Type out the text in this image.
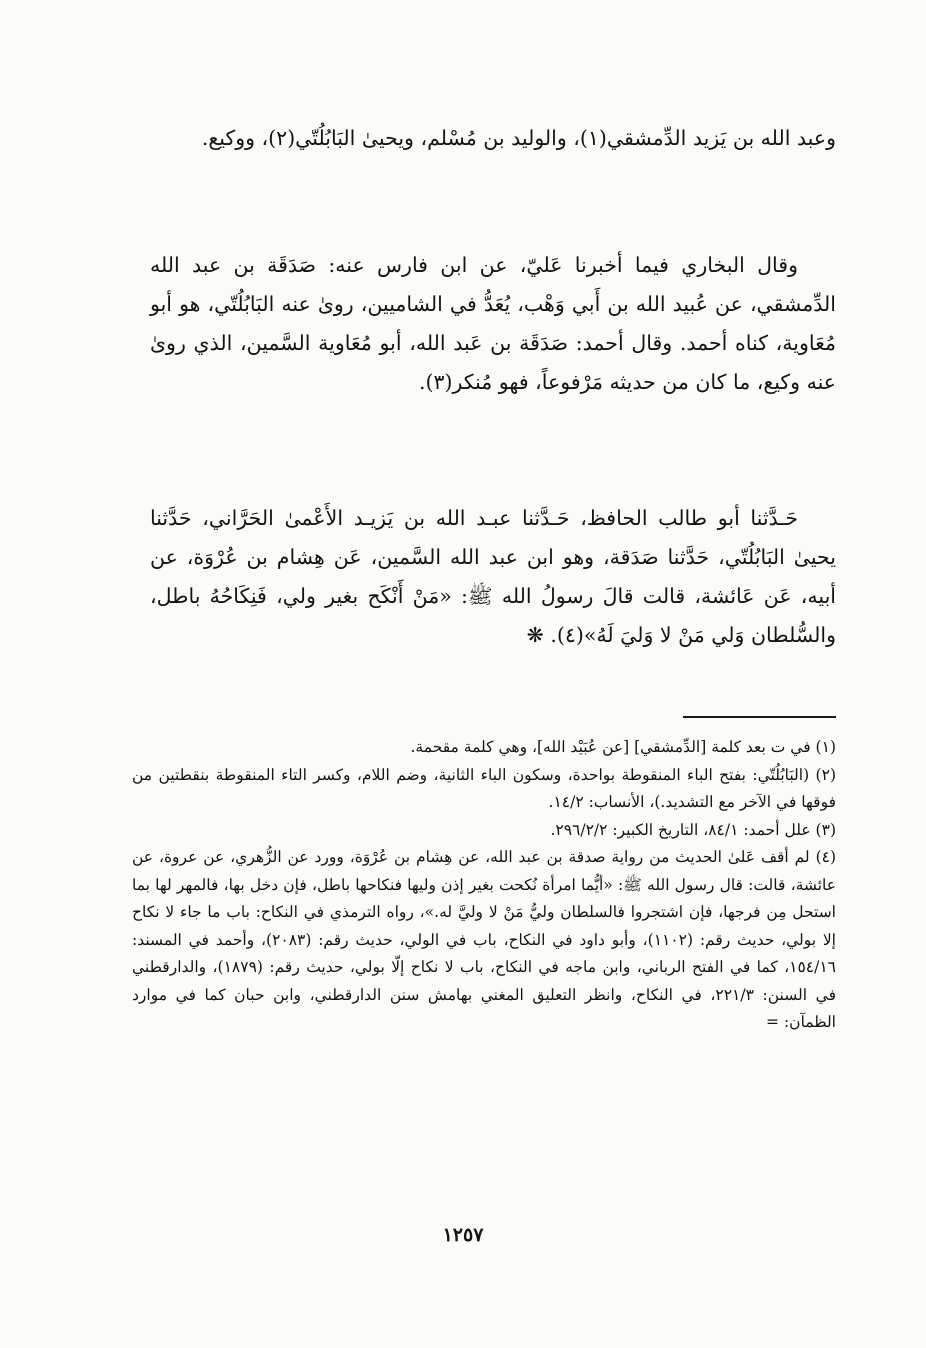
وعبد الله بن يَزيد الدِّمشقي(١)، والوليد بن مُسْلم، ويحيىٰ البَابُلُتّي(٢)، ووكيع.

وقال البخاري فيما أخبرنا عَليّ، عن ابن فارس عنه: صَدَقَة بن عبد الله الدِّمشقي، عن عُبيد الله بن أَبي وَهْب، يُعَدُّ في الشاميين، روىٰ عنه البَابُلُتّي، هو أبو مُعَاوية، كناه أحمد. وقال أحمد: صَدَقَة بن عَبد الله، أبو مُعَاوية السَّمين، الذي روىٰ عنه وكيع، ما كان من حديثه مَرْفوعاً، فهو مُنكر(٣).

حَـدَّثنا أبو طالب الحافظ، حَـدَّثنا عبـد الله بن يَزيـد الأَعْمىٰ الحَرَّاني، حَدَّثنا يحيىٰ البَابُلُتّي، حَدَّثنا صَدَقة، وهو ابن عبد الله السَّمين، عَن هِشام بن عُرْوَة، عن أبيه، عَن عَائشة، قالت قالَ رسولُ الله ﷺ: «مَنْ أَنْكَح بغير ولي، فَنِكَاحُهُ باطل، والسُّلطان وَلي مَنْ لا وَليَ لَهُ»(٤). ❋

(١) في ت بعد كلمة [الدِّمشقي] [عن عُبَيْد الله]، وهي كلمة مقحمة.

(٢) (البَابُلُتّي: بفتح الباء المنقوطة بواحدة، وسكون الباء الثانية، وضم اللام، وكسر التاء المنقوطة بنقطتين من فوقها في الآخر مع التشديد.)، الأنساب: ١٤/٢.

(٣) علل أحمد: ٨٤/١، التاريخ الكبير: ٢٩٦/٢/٢.

(٤) لم أقف عَلىٰ الحديث من رواية صدقة بن عبد الله، عن هِشام بن عُرْوَة، وورد عن الزُّهري، عن عروة، عن عائشة، قالت: قال رسول الله ﷺ: «أيُّما امرأة نُكحت بغير إذن وليها فنكاحها باطل، فإن دخل بها، فالمهر لها بما استحل مِن فرجها، فإن اشتجروا فالسلطان وليُّ مَنْ لا وليَّ له.»، رواه الترمذي في النكاح: باب ما جاء لا نكاح إلا بولي، حديث رقم: (١١٠٢)، وأبو داود في النكاح، باب في الولي، حديث رقم: (٢٠٨٣)، وأحمد في المسند: ١٥٤/١٦، كما في الفتح الرباني، وابن ماجه في النكاح، باب لا نكاح إلّا بولي، حديث رقم: (١٨٧٩)، والدارقطني في السنن: ٢٢١/٣، في النكاح، وانظر التعليق المغني بهامش سنن الدارقطني، وابن حبان كما في موارد الظمآن: =

١٢٥٧
